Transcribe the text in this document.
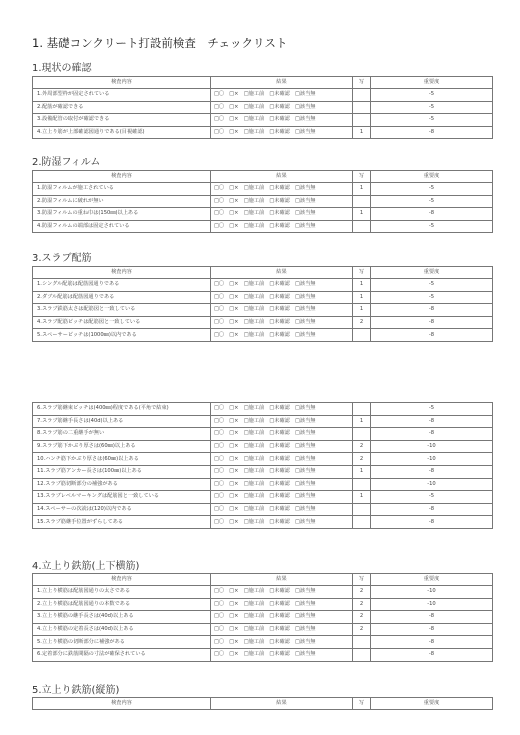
1. 基礎コンクリート打設前検査　チェックリスト
1.現状の確認
検査内容	結果	写	重要度
1.外周部型枠が固定されている	□〇　□×　□施工前　□未確認　□該当無		-5
2.配筋が確認できる	□〇　□×　□施工前　□未確認　□該当無		-5
3.設備配管の取付が確認できる	□〇　□×　□施工前　□未確認　□該当無		-5
4.立上り筋が上部確認図通りである(目視確認)	□〇　□×　□施工前　□未確認　□該当無	1	-8
2.防湿フィルム
検査内容	結果	写	重要度
1.防湿フィルムが施工されている	□〇　□×　□施工前　□未確認　□該当無	1	-5
2.防湿フィルムに破れが無い	□〇　□×　□施工前　□未確認　□該当無		-5
3.防湿フィルムの重ね巾は(150㎜)以上ある	□〇　□×　□施工前　□未確認　□該当無	1	-8
4.防湿フィルムの端部は固定されている	□〇　□×　□施工前　□未確認　□該当無		-5
3.スラブ配筋
検査内容	結果	写	重要度
1.シングル配筋は配筋図通りである	□〇　□×　□施工前　□未確認　□該当無	1	-5
2.ダブル配筋は配筋図通りである	□〇　□×　□施工前　□未確認　□該当無	1	-5
3.スラブ鉄筋太さは配筋図と一致している	□〇　□×　□施工前　□未確認　□該当無	1	-8
4.スラブ配筋ピッチは配筋図と一致している	□〇　□×　□施工前　□未確認　□該当無	2	-8
5.スペーサーピッチは(1000㎜)以内である	□〇　□×　□施工前　□未確認　□該当無		-8
6.スラブ筋継束ピッチは(400㎜)程度である(平角で結束)	□〇　□×　□施工前　□未確認　□該当無		-5
7.スラブ筋継手長さは(40d)以上ある	□〇　□×　□施工前　□未確認　□該当無	1	-8
8.スラブ筋の二重継手が無い	□〇　□×　□施工前　□未確認　□該当無		-8
9.スラブ筋下かぶり厚さは(60㎜)以上ある	□〇　□×　□施工前　□未確認　□該当無	2	-10
10.ハンチ筋下かぶり厚さは(60㎜)以上ある	□〇　□×　□施工前　□未確認　□該当無	2	-10
11.スラブ筋アンカー長さは(100㎜)以上ある	□〇　□×　□施工前　□未確認　□該当無	1	-8
12.スラブ筋切断部分の補強がある	□〇　□×　□施工前　□未確認　□該当無		-10
13.スラブレベルマーキングは配筋図と一致している	□〇　□×　□施工前　□未確認　□該当無	1	-5
14.スペーサーの次読は(120)以内である	□〇　□×　□施工前　□未確認　□該当無		-8
15.スラブ筋継手位置がずらしてある	□〇　□×　□施工前　□未確認　□該当無		-8
4.立上り鉄筋(上下横筋)
検査内容	結果	写	重要度
1.立上り横筋は配筋図通りの太さである	□〇　□×　□施工前　□未確認　□該当無	2	-10
2.立上り横筋は配筋図通りの本数である	□〇　□×　□施工前　□未確認　□該当無	2	-10
3.立上り横筋の継手長さは(40d)以上ある	□〇　□×　□施工前　□未確認　□該当無	2	-8
4.立上り横筋の定着長さは(40d)以上ある	□〇　□×　□施工前　□未確認　□該当無	2	-8
5.立上り横筋の切断部分に補強がある	□〇　□×　□施工前　□未確認　□該当無		-8
6.定着部分に鉄筋間隔の寸法が確保されている	□〇　□×　□施工前　□未確認　□該当無		-8
5.立上り鉄筋(縦筋)
検査内容	結果	写	重要度
